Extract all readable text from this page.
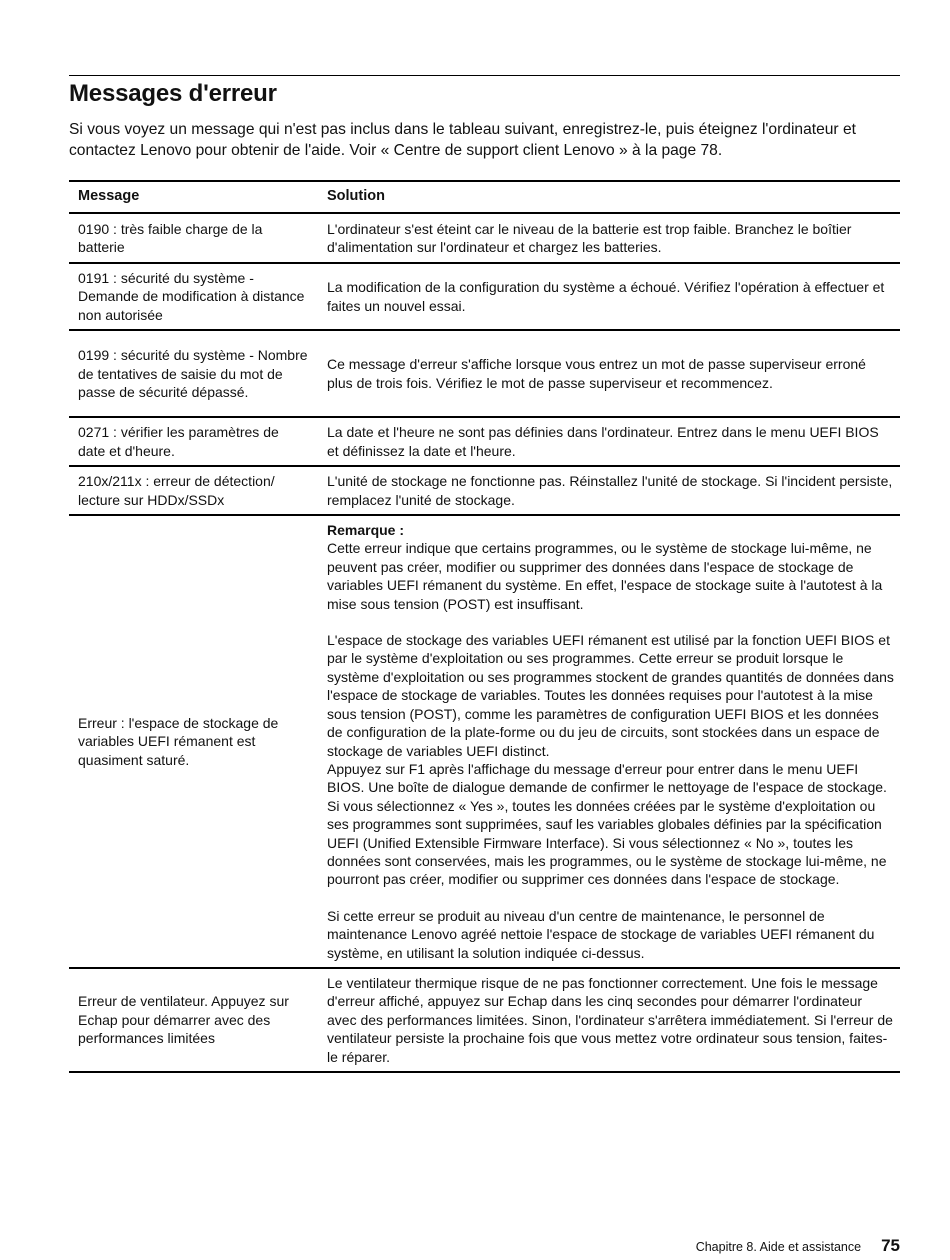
Messages d'erreur

Si vous voyez un message qui n'est pas inclus dans le tableau suivant, enregistrez-le, puis éteignez l'ordinateur et contactez Lenovo pour obtenir de l'aide. Voir « Centre de support client Lenovo » à la page 78.

Message	Solution
0190 : très faible charge de la batterie	L'ordinateur s'est éteint car le niveau de la batterie est trop faible. Branchez le boîtier d'alimentation sur l'ordinateur et chargez les batteries.
0191 : sécurité du système - Demande de modification à distance non autorisée	La modification de la configuration du système a échoué. Vérifiez l'opération à effectuer et faites un nouvel essai.
0199 : sécurité du système - Nombre de tentatives de saisie du mot de passe de sécurité dépassé.	Ce message d'erreur s'affiche lorsque vous entrez un mot de passe superviseur erroné plus de trois fois. Vérifiez le mot de passe superviseur et recommencez.
0271 : vérifier les paramètres de date et d'heure.	La date et l'heure ne sont pas définies dans l'ordinateur. Entrez dans le menu UEFI BIOS et définissez la date et l'heure.
210x/211x : erreur de détection/ lecture sur HDDx/SSDx	L'unité de stockage ne fonctionne pas. Réinstallez l'unité de stockage. Si l'incident persiste, remplacez l'unité de stockage.
Erreur : l'espace de stockage de variables UEFI rémanent est quasiment saturé.	Remarque :
Cette erreur indique que certains programmes, ou le système de stockage lui-même, ne peuvent pas créer, modifier ou supprimer des données dans l'espace de stockage de variables UEFI rémanent du système. En effet, l'espace de stockage suite à l'autotest à la mise sous tension (POST) est insuffisant.

L'espace de stockage des variables UEFI rémanent est utilisé par la fonction UEFI BIOS et par le système d'exploitation ou ses programmes. Cette erreur se produit lorsque le système d'exploitation ou ses programmes stockent de grandes quantités de données dans l'espace de stockage de variables. Toutes les données requises pour l'autotest à la mise sous tension (POST), comme les paramètres de configuration UEFI BIOS et les données de configuration de la plate-forme ou du jeu de circuits, sont stockées dans un espace de stockage de variables UEFI distinct.

Appuyez sur F1 après l'affichage du message d'erreur pour entrer dans le menu UEFI BIOS. Une boîte de dialogue demande de confirmer le nettoyage de l'espace de stockage. Si vous sélectionnez « Yes », toutes les données créées par le système d'exploitation ou ses programmes sont supprimées, sauf les variables globales définies par la spécification UEFI (Unified Extensible Firmware Interface). Si vous sélectionnez « No », toutes les données sont conservées, mais les programmes, ou le système de stockage lui-même, ne pourront pas créer, modifier ou supprimer ces données dans l'espace de stockage.

Si cette erreur se produit au niveau d'un centre de maintenance, le personnel de maintenance Lenovo agréé nettoie l'espace de stockage de variables UEFI rémanent du système, en utilisant la solution indiquée ci-dessus.

Erreur de ventilateur. Appuyez sur Echap pour démarrer avec des performances limitées	Le ventilateur thermique risque de ne pas fonctionner correctement. Une fois le message d'erreur affiché, appuyez sur Echap dans les cinq secondes pour démarrer l'ordinateur avec des performances limitées. Sinon, l'ordinateur s'arrêtera immédiatement. Si l'erreur de ventilateur persiste la prochaine fois que vous mettez votre ordinateur sous tension, faites-le réparer.
Chapitre 8. Aide et assistance 75
